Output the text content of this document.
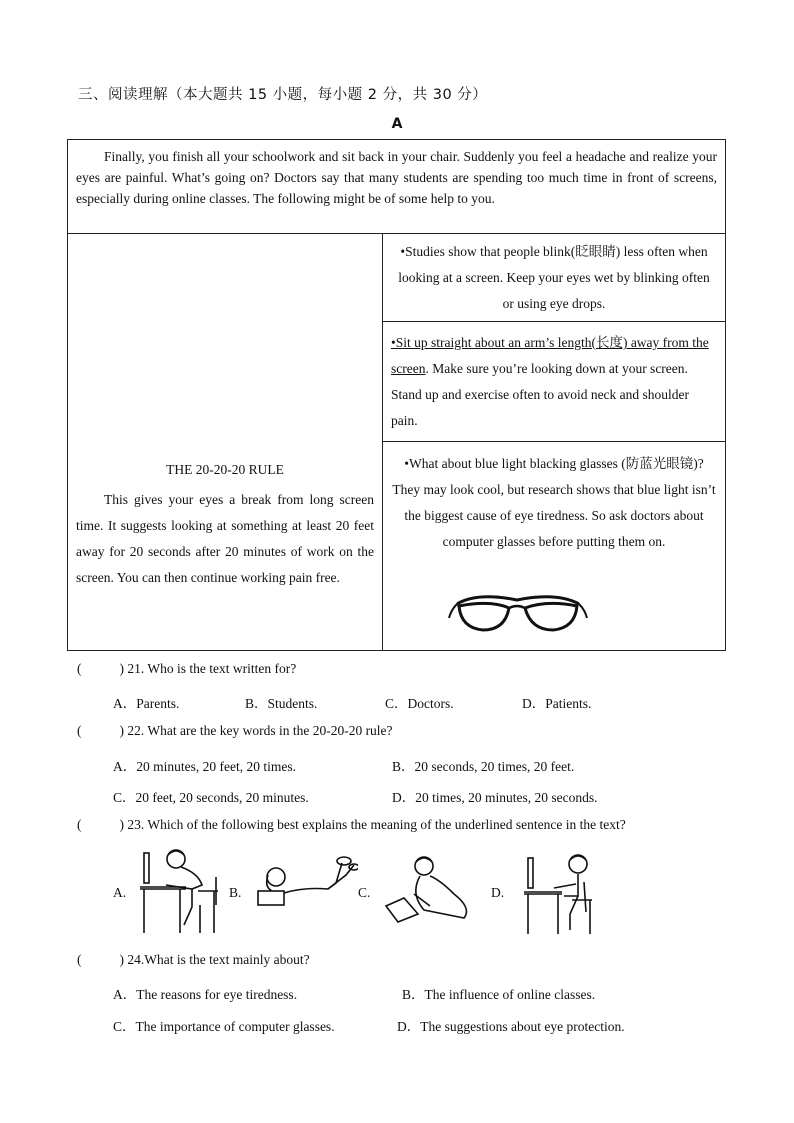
三、阅读理解（本大题共 15 小题，每小题 2 分，共 30 分）
A
Finally, you finish all your schoolwork and sit back in your chair. Suddenly you feel a headache and realize your eyes are painful. What’s going on? Doctors say that many students are spending too much time in front of screens, especially during online classes. The following might be of some help to you.
THE 20-20-20 RULE
This gives your eyes a break from long screen time. It suggests looking at something at least 20 feet away for 20 seconds after 20 minutes of work on the screen. You can then continue working pain free.
•Studies show that people blink(眨眼睛) less often when looking at a screen. Keep your eyes wet by blinking often or using eye drops.
•Sit up straight about an arm’s length(长度) away from the screen. Make sure you’re looking down at your screen. Stand up and exercise often to avoid neck and shoulder pain.
•What about blue light blacking glasses (防蓝光眼镜)? They may look cool, but research shows that blue light isn’t the biggest cause of eye tiredness. So ask doctors about computer glasses before putting them on.
(	) 21. Who is the text written for?
A．Parents.	B．Students.	C．Doctors.	D．Patients.
(	) 22. What are the key words in the 20-20-20 rule?
A．20 minutes, 20 feet, 20 times.	B．20 seconds, 20 times, 20 feet.
C．20 feet, 20 seconds, 20 minutes.	D．20 times, 20 minutes, 20 seconds.
(	) 23. Which of the following best explains the meaning of the underlined sentence in the text?
A.	B.	C.	D.
(	) 24.What is the text mainly about?
A．The reasons for eye tiredness.	B．The influence of online classes.
C．The importance of computer glasses.	D．The suggestions about eye protection.
